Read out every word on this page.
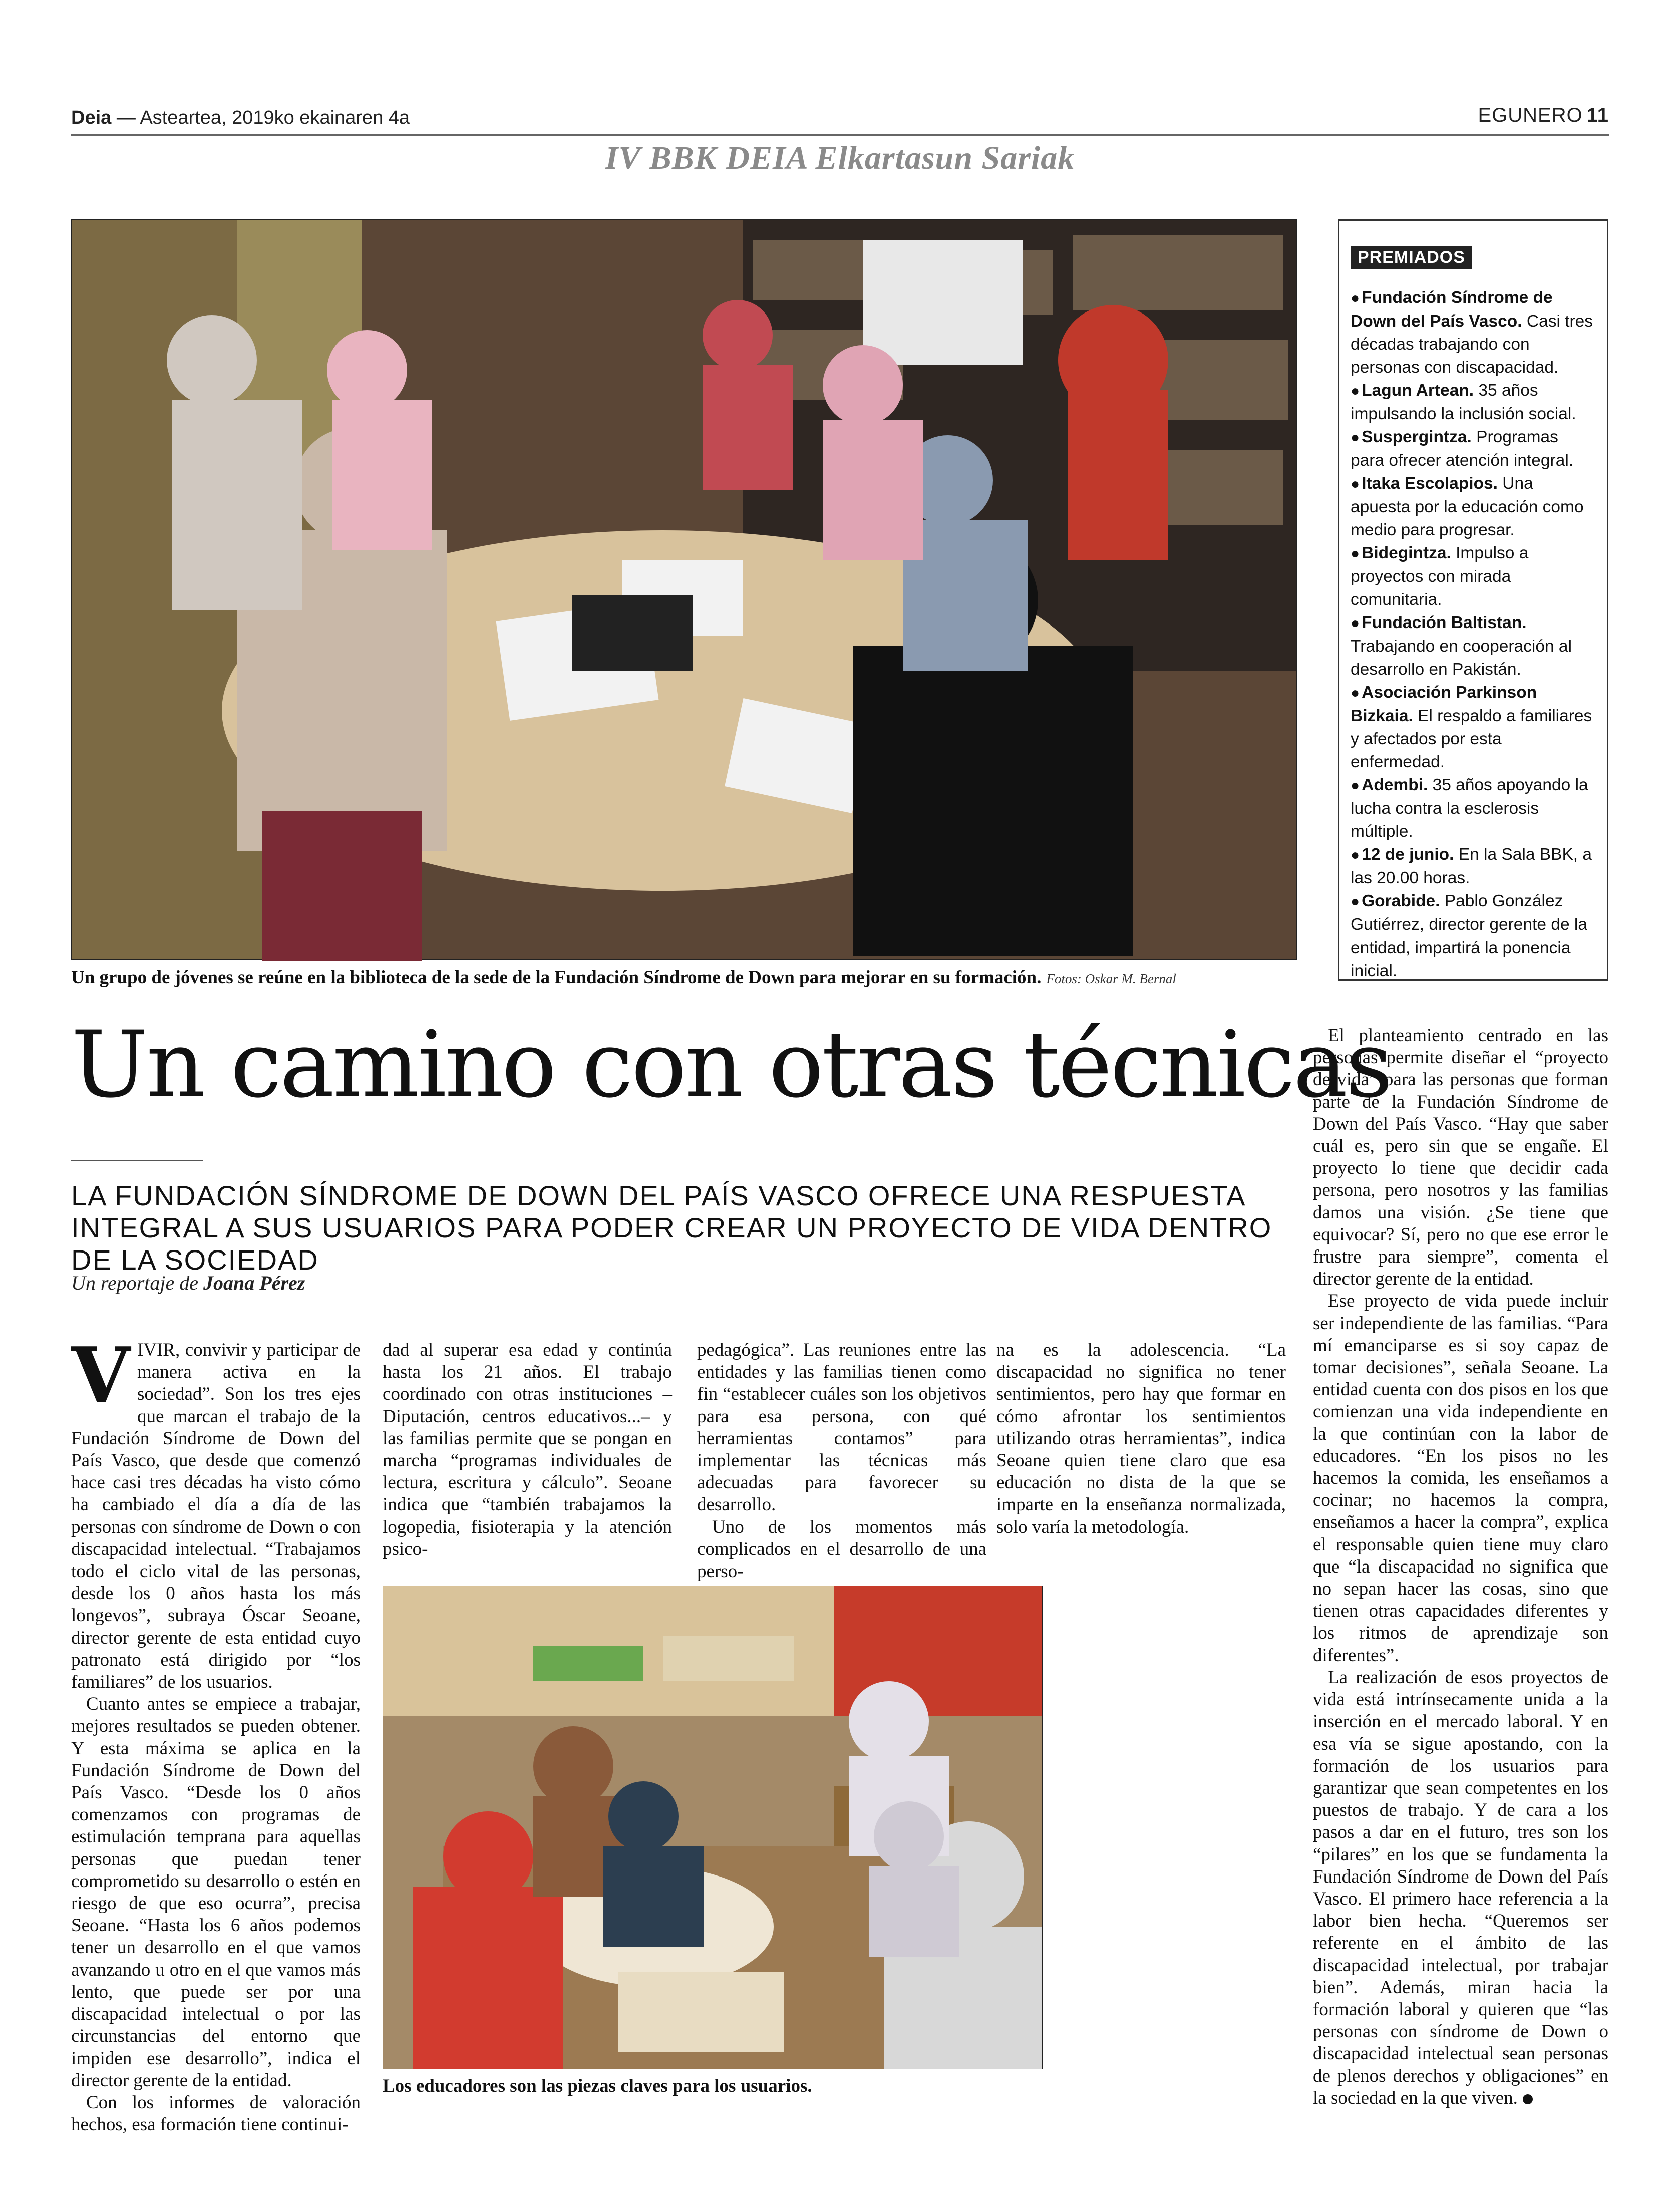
Deia — Asteartea, 2019ko ekainaren 4a	EGUNERO 11
IV BBK DEIA Elkartasun Sariak
Un grupo de jóvenes se reúne en la biblioteca de la sede de la Fundación Síndrome de Down para mejorar en su formación. Fotos: Oskar M. Bernal
PREMIADOS
● Fundación Síndrome de Down del País Vasco. Casi tres décadas trabajando con personas con discapacidad.
● Lagun Artean. 35 años impulsando la inclusión social.
● Suspergintza. Programas para ofrecer atención integral.
● Itaka Escolapios. Una apuesta por la educación como medio para progresar.
● Bidegintza. Impulso a proyectos con mirada comunitaria.
● Fundación Baltistan. Trabajando en cooperación al desarrollo en Pakistán.
● Asociación Parkinson Bizkaia. El respaldo a familiares y afectados por esta enfermedad.
● Adembi. 35 años apoyando la lucha contra la esclerosis múltiple.
● 12 de junio. En la Sala BBK, a las 20.00 horas.
● Gorabide. Pablo González Gutiérrez, director gerente de la entidad, impartirá la ponencia inicial.
Un camino con otras técnicas
LA FUNDACIÓN SÍNDROME DE DOWN DEL PAÍS VASCO OFRECE UNA RESPUESTA INTEGRAL A SUS USUARIOS PARA PODER CREAR UN PROYECTO DE VIDA DENTRO DE LA SOCIEDAD
Un reportaje de Joana Pérez

VIVIR, convivir y participar de manera activa en la sociedad”. Son los tres ejes que marcan el trabajo de la Fundación Síndrome de Down del País Vasco, que desde que comenzó hace casi tres décadas ha visto cómo ha cambiado el día a día de las personas con síndrome de Down o con discapacidad intelectual. “Trabajamos todo el ciclo vital de las personas, desde los 0 años hasta los más longevos”, subraya Óscar Seoane, director gerente de esta entidad cuyo patronato está dirigido por “los familiares” de los usuarios.

Cuanto antes se empiece a trabajar, mejores resultados se pueden obtener. Y esta máxima se aplica en la Fundación Síndrome de Down del País Vasco. “Desde los 0 años comenzamos con programas de estimulación temprana para aquellas personas que puedan tener comprometido su desarrollo o estén en riesgo de que eso ocurra”, precisa Seoane. “Hasta los 6 años podemos tener un desarrollo en el que vamos avanzando u otro en el que vamos más lento, que puede ser por una discapacidad intelectual o por las circunstancias del entorno que impiden ese desarrollo”, indica el director gerente de la entidad.

Con los informes de valoración hechos, esa formación tiene continui-

dad al superar esa edad y continúa hasta los 21 años. El trabajo coordinado con otras instituciones –Diputación, centros educativos...– y las familias permite que se pongan en marcha “programas individuales de lectura, escritura y cálculo”. Seoane indica que “también trabajamos la logopedia, fisioterapia y la atención psico-

pedagógica”. Las reuniones entre las entidades y las familias tienen como fin “establecer cuáles son los objetivos para esa persona, con qué herramientas contamos” para implementar las técnicas más adecuadas para favorecer su desarrollo.

Uno de los momentos más complicados en el desarrollo de una perso-

na es la adolescencia. “La discapacidad no significa no tener sentimientos, pero hay que formar en cómo afrontar los sentimientos utilizando otras herramientas”, indica Seoane quien tiene claro que esa educación no dista de la que se imparte en la enseñanza normalizada, solo varía la metodología.

El planteamiento centrado en las personas permite diseñar el “proyecto de vida” para las personas que forman parte de la Fundación Síndrome de Down del País Vasco. “Hay que saber cuál es, pero sin que se engañe. El proyecto lo tiene que decidir cada persona, pero nosotros y las familias damos una visión. ¿Se tiene que equivocar? Sí, pero no que ese error le frustre para siempre”, comenta el director gerente de la entidad.

Ese proyecto de vida puede incluir ser independiente de las familias. “Para mí emanciparse es si soy capaz de tomar decisiones”, señala Seoane. La entidad cuenta con dos pisos en los que comienzan una vida independiente en la que continúan con la labor de educadores. “En los pisos no les hacemos la comida, les enseñamos a cocinar; no hacemos la compra, enseñamos a hacer la compra”, explica el responsable quien tiene muy claro que “la discapacidad no significa que no sepan hacer las cosas, sino que tienen otras capacidades diferentes y los ritmos de aprendizaje son diferentes”.

La realización de esos proyectos de vida está intrínsecamente unida a la inserción en el mercado laboral. Y en esa vía se sigue apostando, con la formación de los usuarios para garantizar que sean competentes en los puestos de trabajo. Y de cara a los pasos a dar en el futuro, tres son los “pilares” en los que se fundamenta la Fundación Síndrome de Down del País Vasco. El primero hace referencia a la labor bien hecha. “Queremos ser referente en el ámbito de las discapacidad intelectual, por trabajar bien”. Además, miran hacia la formación laboral y quieren que “las personas con síndrome de Down o discapacidad intelectual sean personas de plenos derechos y obligaciones” en la sociedad en la que viven.

Los educadores son las piezas claves para los usuarios.
